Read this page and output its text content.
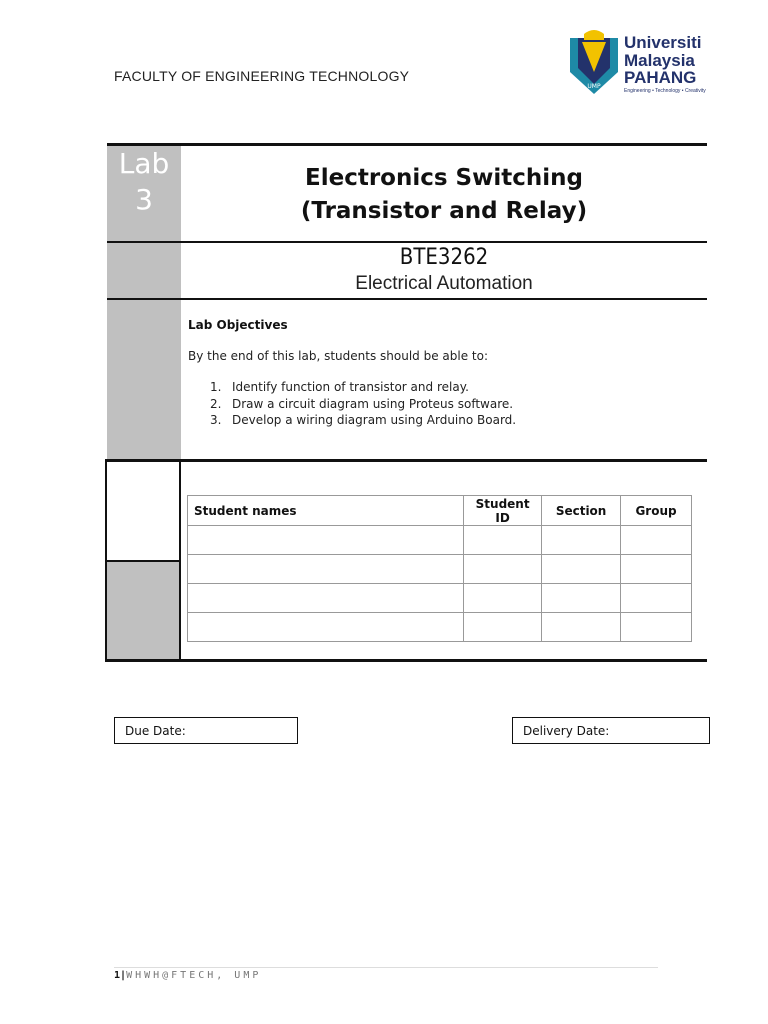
FACULTY OF ENGINEERING TECHNOLOGY
UMP
Universiti
Malaysia
PAHANG
Engineering • Technology • Creativity
Lab
3
Electronics Switching
(Transistor and Relay)
BTE3262
Electrical Automation
Lab Objectives
By the end of this lab, students should be able to:
1. Identify function of transistor and relay.
2. Draw a circuit diagram using Proteus software.
3. Develop a wiring diagram using Arduino Board.
Student names	Student ID	Section	Group

Due Date:	Delivery Date:
1|WHWH@FTECH, UMP
